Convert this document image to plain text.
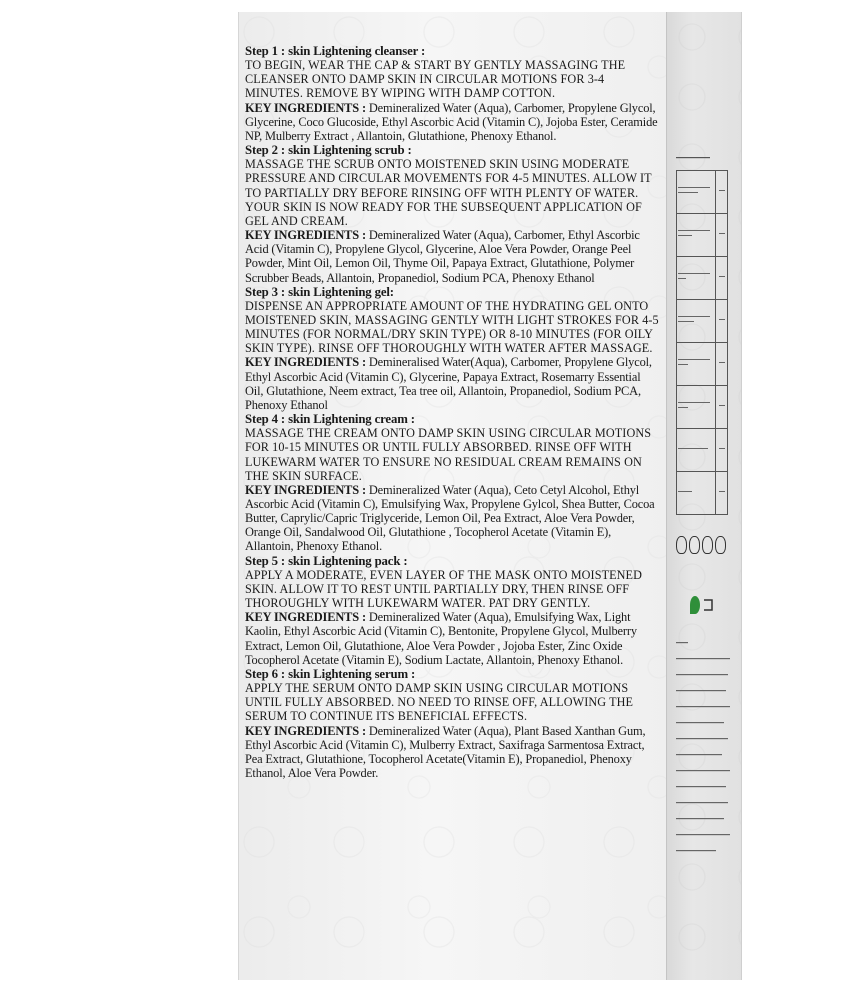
Step 1 : skin Lightening cleanser :
TO BEGIN, WEAR THE CAP & START BY GENTLY MASSAGING THE CLEANSER ONTO DAMP SKIN IN CIRCULAR MOTIONS FOR 3-4 MINUTES. REMOVE BY WIPING WITH DAMP COTTON.
KEY INGREDIENTS : Demineralized Water (Aqua), Carbomer, Propylene Glycol, Glycerine, Coco Glucoside, Ethyl Ascorbic Acid (Vitamin C), Jojoba Ester, Ceramide NP, Mulberry Extract , Allantoin, Glutathione, Phenoxy Ethanol.
Step 2 : skin Lightening scrub :
MASSAGE THE SCRUB ONTO MOISTENED SKIN USING MODERATE PRESSURE AND CIRCULAR MOVEMENTS FOR 4-5 MINUTES. ALLOW IT TO PARTIALLY DRY BEFORE RINSING OFF WITH PLENTY OF WATER. YOUR SKIN IS NOW READY FOR THE SUBSEQUENT APPLICATION OF GEL AND CREAM.
KEY INGREDIENTS : Demineralized Water (Aqua), Carbomer, Ethyl Ascorbic Acid (Vitamin C), Propylene Glycol, Glycerine, Aloe Vera Powder, Orange Peel Powder, Mint Oil, Lemon Oil, Thyme Oil, Papaya Extract, Glutathione, Polymer Scrubber Beads, Allantoin, Propanediol, Sodium PCA, Phenoxy Ethanol
Step 3 : skin Lightening gel:
DISPENSE AN APPROPRIATE AMOUNT OF THE HYDRATING GEL ONTO MOISTENED SKIN, MASSAGING GENTLY WITH LIGHT STROKES FOR 4-5 MINUTES (FOR NORMAL/DRY SKIN TYPE) OR 8-10 MINUTES (FOR OILY SKIN TYPE). RINSE OFF THOROUGHLY WITH WATER AFTER MASSAGE.
KEY INGREDIENTS : Demineralised Water(Aqua), Carbomer, Propylene Glycol, Ethyl Ascorbic Acid (Vitamin C), Glycerine, Papaya Extract, Rosemarry Essential Oil, Glutathione, Neem extract, Tea tree oil, Allantoin, Propanediol, Sodium PCA, Phenoxy Ethanol
Step 4 : skin Lightening cream :
MASSAGE THE CREAM ONTO DAMP SKIN USING CIRCULAR MOTIONS FOR 10-15 MINUTES OR UNTIL FULLY ABSORBED. RINSE OFF WITH LUKEWARM WATER TO ENSURE NO RESIDUAL CREAM REMAINS ON THE SKIN SURFACE.
KEY INGREDIENTS : Demineralized Water (Aqua), Ceto Cetyl Alcohol, Ethyl Ascorbic Acid (Vitamin C), Emulsifying Wax, Propylene Gylcol, Shea Butter, Cocoa Butter, Caprylic/Capric Triglyceride, Lemon Oil, Pea Extract, Aloe Vera Powder, Orange Oil, Sandalwood Oil, Glutathione , Tocopherol Acetate (Vitamin E), Allantoin, Phenoxy Ethanol.
Step 5 : skin Lightening pack :
APPLY A MODERATE, EVEN LAYER OF THE MASK ONTO MOISTENED SKIN. ALLOW IT TO REST UNTIL PARTIALLY DRY, THEN RINSE OFF THOROUGHLY WITH LUKEWARM WATER. PAT DRY GENTLY.
KEY INGREDIENTS : Demineralized Water (Aqua), Emulsifying Wax, Light Kaolin, Ethyl Ascorbic Acid (Vitamin C), Bentonite, Propylene Glycol, Mulberry Extract, Lemon Oil, Glutathione, Aloe Vera Powder , Jojoba Ester, Zinc Oxide Tocopherol Acetate (Vitamin E), Sodium Lactate, Allantoin, Phenoxy Ethanol.
Step 6 : skin Lightening serum :
APPLY THE SERUM ONTO DAMP SKIN USING CIRCULAR MOTIONS UNTIL FULLY ABSORBED. NO NEED TO RINSE OFF, ALLOWING THE SERUM TO CONTINUE ITS BENEFICIAL EFFECTS.
KEY INGREDIENTS : Demineralized Water (Aqua), Plant Based Xanthan Gum, Ethyl Ascorbic Acid (Vitamin C), Mulberry Extract, Saxifraga Sarmentosa Extract, Pea Extract, Glutathione, Tocopherol Acetate(Vitamin E), Propanediol, Phenoxy Ethanol, Aloe Vera Powder.
